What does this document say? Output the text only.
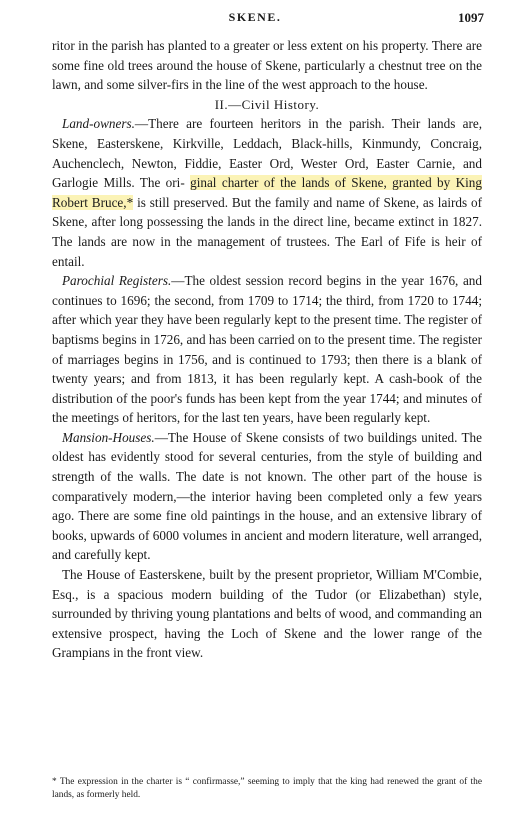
SKENE.	1097

ritor in the parish has planted to a greater or less extent on his property. There are some fine old trees around the house of Skene, particularly a chestnut tree on the lawn, and some silver-firs in the line of the west approach to the house.

II.—Civil History.

Land-owners.—There are fourteen heritors in the parish. Their lands are, Skene, Easterskene, Kirkville, Leddach, Black-hills, Kinmundy, Concraig, Auchenclech, Newton, Fiddie, Easter Ord, Wester Ord, Easter Carnie, and Garlogie Mills. The ori- ginal charter of the lands of Skene, granted by King Robert Bruce,* is still preserved. But the family and name of Skene, as lairds of Skene, after long possessing the lands in the direct line, became extinct in 1827. The lands are now in the management of trustees. The Earl of Fife is heir of entail.

Parochial Registers.—The oldest session record begins in the year 1676, and continues to 1696; the second, from 1709 to 1714; the third, from 1720 to 1744; after which year they have been regularly kept to the present time. The register of baptisms begins in 1726, and has been carried on to the present time. The register of marriages begins in 1756, and is continued to 1793; then there is a blank of twenty years; and from 1813, it has been regularly kept. A cash-book of the distribution of the poor's funds has been kept from the year 1744; and minutes of the meetings of heritors, for the last ten years, have been regularly kept.

Mansion-Houses.—The House of Skene consists of two buildings united. The oldest has evidently stood for several centuries, from the style of building and strength of the walls. The date is not known. The other part of the house is comparatively modern,—the interior having been completed only a few years ago. There are some fine old paintings in the house, and an extensive library of books, upwards of 6000 volumes in ancient and modern literature, well arranged, and carefully kept.

The House of Easterskene, built by the present proprietor, William M'Combie, Esq., is a spacious modern building of the Tudor (or Elizabethan) style, surrounded by thriving young plantations and belts of wood, and commanding an extensive prospect, having the Loch of Skene and the lower range of the Grampians in the front view.

* The expression in the charter is “ confirmasse,” seeming to imply that the king had renewed the grant of the lands, as formerly held.
